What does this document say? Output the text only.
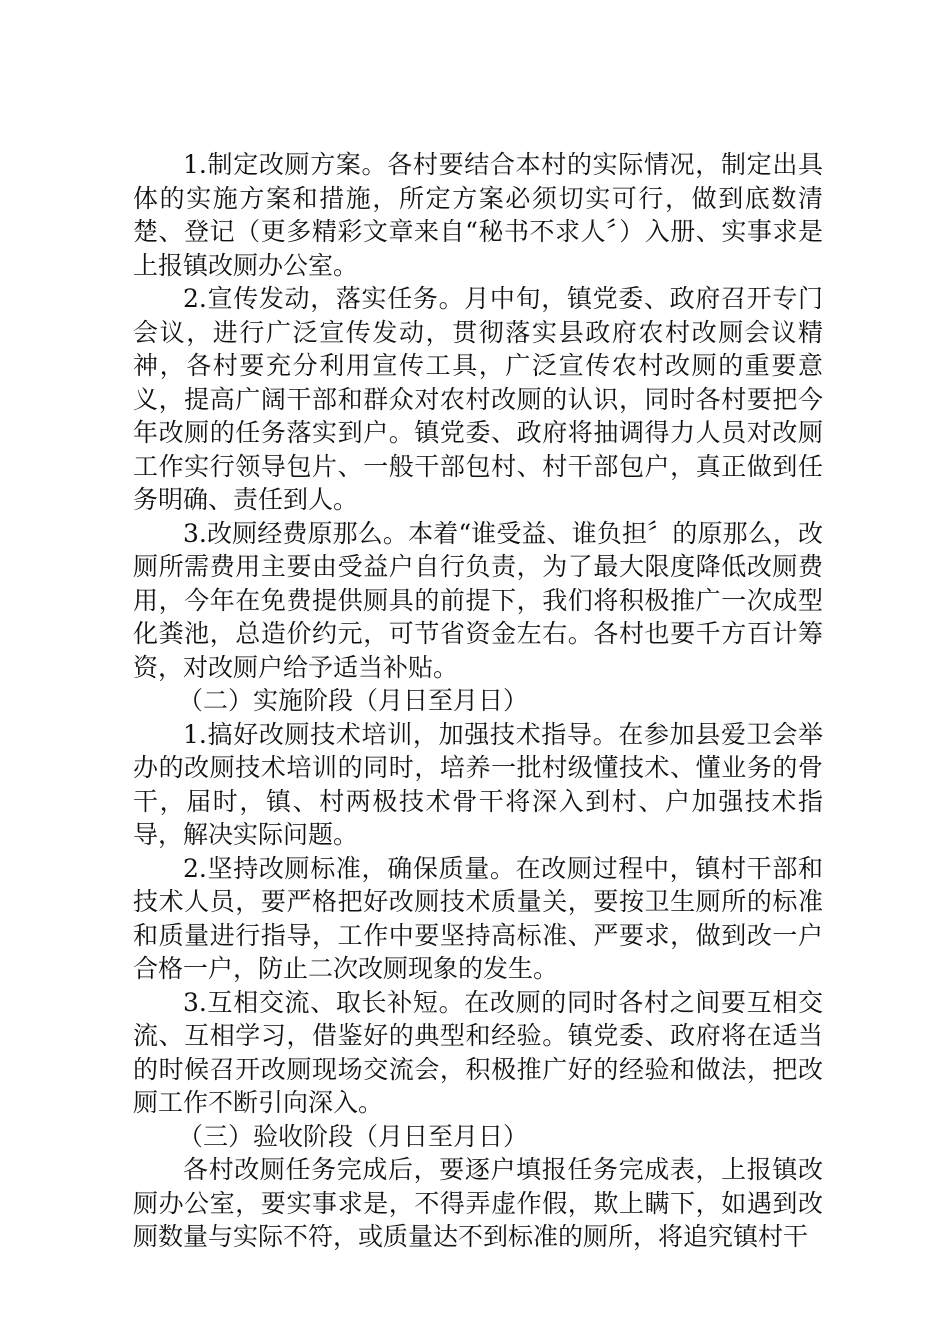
1.制定改厕方案。各村要结合本村的实际情况，制定出具体的实施方案和措施，所定方案必须切实可行，做到底数清楚、登记（更多精彩文章来自“秘书不求人〞）入册、实事求是上报镇改厕办公室。

2.宣传发动，落实任务。月中旬，镇党委、政府召开专门会议，进行广泛宣传发动，贯彻落实县政府农村改厕会议精神，各村要充分利用宣传工具，广泛宣传农村改厕的重要意义，提高广阔干部和群众对农村改厕的认识，同时各村要把今年改厕的任务落实到户。镇党委、政府将抽调得力人员对改厕工作实行领导包片、一般干部包村、村干部包户，真正做到任务明确、责任到人。

3.改厕经费原那么。本着“谁受益、谁负担〞的原那么，改厕所需费用主要由受益户自行负责，为了最大限度降低改厕费用，今年在免费提供厕具的前提下，我们将积极推广一次成型化粪池，总造价约元，可节省资金左右。各村也要千方百计筹资，对改厕户给予适当补贴。

（二）实施阶段（月日至月日）

1.搞好改厕技术培训，加强技术指导。在参加县爱卫会举办的改厕技术培训的同时，培养一批村级懂技术、懂业务的骨干，届时，镇、村两极技术骨干将深入到村、户加强技术指导，解决实际问题。

2.坚持改厕标准，确保质量。在改厕过程中，镇村干部和技术人员，要严格把好改厕技术质量关，要按卫生厕所的标准和质量进行指导，工作中要坚持高标准、严要求，做到改一户合格一户，防止二次改厕现象的发生。

3.互相交流、取长补短。在改厕的同时各村之间要互相交流、互相学习，借鉴好的典型和经验。镇党委、政府将在适当的时候召开改厕现场交流会，积极推广好的经验和做法，把改厕工作不断引向深入。

（三）验收阶段（月日至月日）

各村改厕任务完成后，要逐户填报任务完成表，上报镇改厕办公室，要实事求是，不得弄虚作假，欺上瞒下，如遇到改厕数量与实际不符，或质量达不到标准的厕所，将追究镇村干
